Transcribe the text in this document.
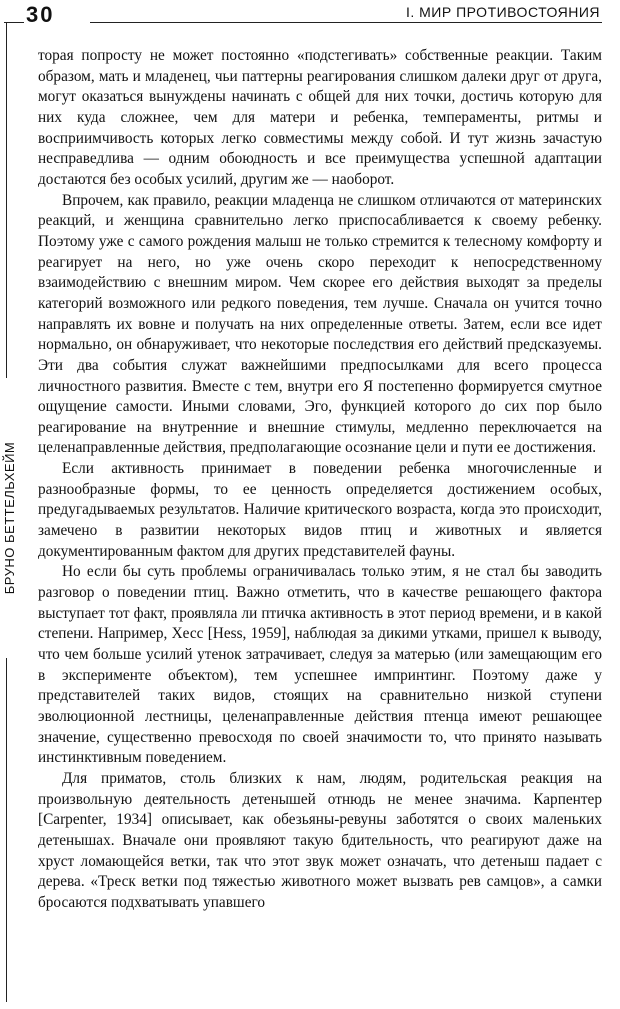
30	I. МИР ПРОТИВОСТОЯНИЯ
БРУНО БЕТТЕЛЬХЕЙМ

торая попросту не может постоянно «подстегивать» собственные реакции. Таким образом, мать и младенец, чьи паттерны реагирования слишком далеки друг от друга, могут оказаться вынуждены начинать с общей для них точки, достичь которую для них куда сложнее, чем для матери и ребенка, темпераменты, ритмы и восприимчивость которых легко совместимы между собой. И тут жизнь зачастую несправедлива — одним обоюдность и все преимущества успешной адаптации достаются без особых усилий, другим же — наоборот.

Впрочем, как правило, реакции младенца не слишком отличаются от материнских реакций, и женщина сравнительно легко приспосабливается к своему ребенку. Поэтому уже с самого рождения малыш не только стремится к телесному комфорту и реагирует на него, но уже очень скоро переходит к непосредственному взаимодействию с внешним миром. Чем скорее его действия выходят за пределы категорий возможного или редкого поведения, тем лучше. Сначала он учится точно направлять их вовне и получать на них определенные ответы. Затем, если все идет нормально, он обнаруживает, что некоторые последствия его действий предсказуемы. Эти два события служат важнейшими предпосылками для всего процесса личностного развития. Вместе с тем, внутри его Я постепенно формируется смутное ощущение самости. Иными словами, Эго, функцией которого до сих пор было реагирование на внутренние и внешние стимулы, медленно переключается на целенаправленные действия, предполагающие осознание цели и пути ее достижения.

Если активность принимает в поведении ребенка многочисленные и разнообразные формы, то ее ценность определяется достижением особых, предугадываемых результатов. Наличие критического возраста, когда это происходит, замечено в развитии некоторых видов птиц и животных и является документированным фактом для других представителей фауны.

Но если бы суть проблемы ограничивалась только этим, я не стал бы заводить разговор о поведении птиц. Важно отметить, что в качестве решающего фактора выступает тот факт, проявляла ли птичка активность в этот период времени, и в какой степени. Например, Хесс [Hess, 1959], наблюдая за дикими утками, пришел к выводу, что чем больше усилий утенок затрачивает, следуя за матерью (или замещающим его в эксперименте объектом), тем успешнее импринтинг. Поэтому даже у представителей таких видов, стоящих на сравнительно низкой ступени эволюционной лестницы, целенаправленные действия птенца имеют решающее значение, существенно превосходя по своей значимости то, что принято называть инстинктивным поведением.

Для приматов, столь близких к нам, людям, родительская реакция на произвольную деятельность детенышей отнюдь не менее значима. Карпентер [Carpenter, 1934] описывает, как обезьяны-ревуны заботятся о своих маленьких детенышах. Вначале они проявляют такую бдительность, что реагируют даже на хруст ломающейся ветки, так что этот звук может означать, что детеныш падает с дерева. «Треск ветки под тяжестью животного может вызвать рев самцов», а самки бросаются подхватывать упавшего
